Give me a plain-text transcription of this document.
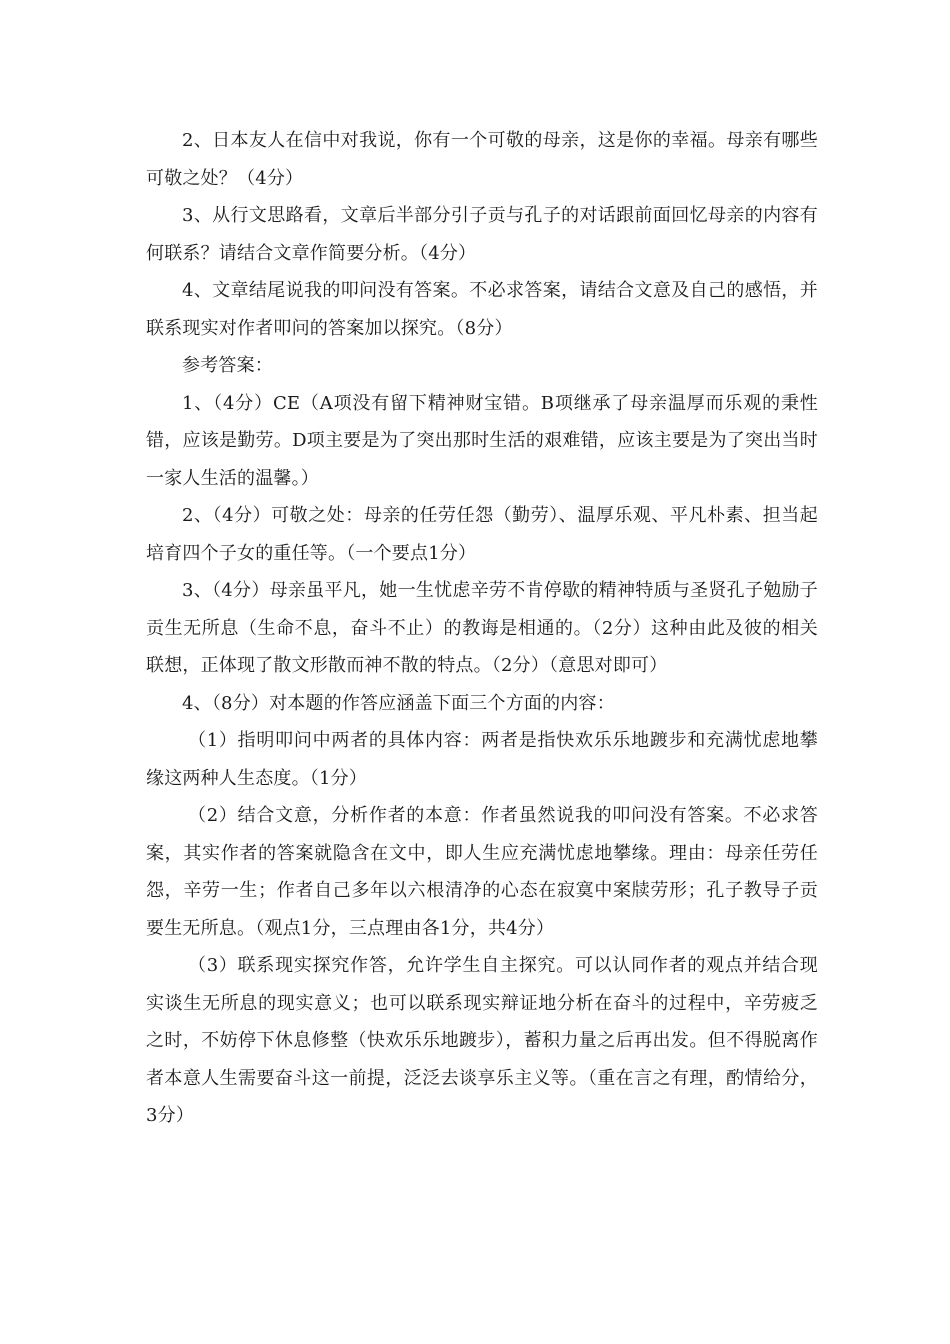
2、日本友人在信中对我说，你有一个可敬的母亲，这是你的幸福。母亲有哪些可敬之处？（4分）

3、从行文思路看，文章后半部分引子贡与孔子的对话跟前面回忆母亲的内容有何联系？请结合文章作简要分析。（4分）

4、文章结尾说我的叩问没有答案。不必求答案，请结合文意及自己的感悟，并联系现实对作者叩问的答案加以探究。（8分）

参考答案：

1、（4分）CE（A项没有留下精神财宝错。B项继承了母亲温厚而乐观的秉性错，应该是勤劳。D项主要是为了突出那时生活的艰难错，应该主要是为了突出当时一家人生活的温馨。）

2、（4分）可敬之处：母亲的任劳任怨（勤劳）、温厚乐观、平凡朴素、担当起培育四个子女的重任等。（一个要点1分）

3、（4分）母亲虽平凡，她一生忧虑辛劳不肯停歇的精神特质与圣贤孔子勉励子贡生无所息（生命不息，奋斗不止）的教诲是相通的。（2分）这种由此及彼的相关联想，正体现了散文形散而神不散的特点。（2分）（意思对即可）

4、（8分）对本题的作答应涵盖下面三个方面的内容：

（1）指明叩问中两者的具体内容：两者是指快欢乐乐地踱步和充满忧虑地攀缘这两种人生态度。（1分）

（2）结合文意，分析作者的本意：作者虽然说我的叩问没有答案。不必求答案，其实作者的答案就隐含在文中，即人生应充满忧虑地攀缘。理由：母亲任劳任怨，辛劳一生；作者自己多年以六根清净的心态在寂寞中案牍劳形；孔子教导子贡要生无所息。（观点1分，三点理由各1分，共4分）

（3）联系现实探究作答，允许学生自主探究。可以认同作者的观点并结合现实谈生无所息的现实意义；也可以联系现实辩证地分析在奋斗的过程中，辛劳疲乏之时，不妨停下休息修整（快欢乐乐地踱步），蓄积力量之后再出发。但不得脱离作者本意人生需要奋斗这一前提，泛泛去谈享乐主义等。（重在言之有理，酌情给分，3分）
